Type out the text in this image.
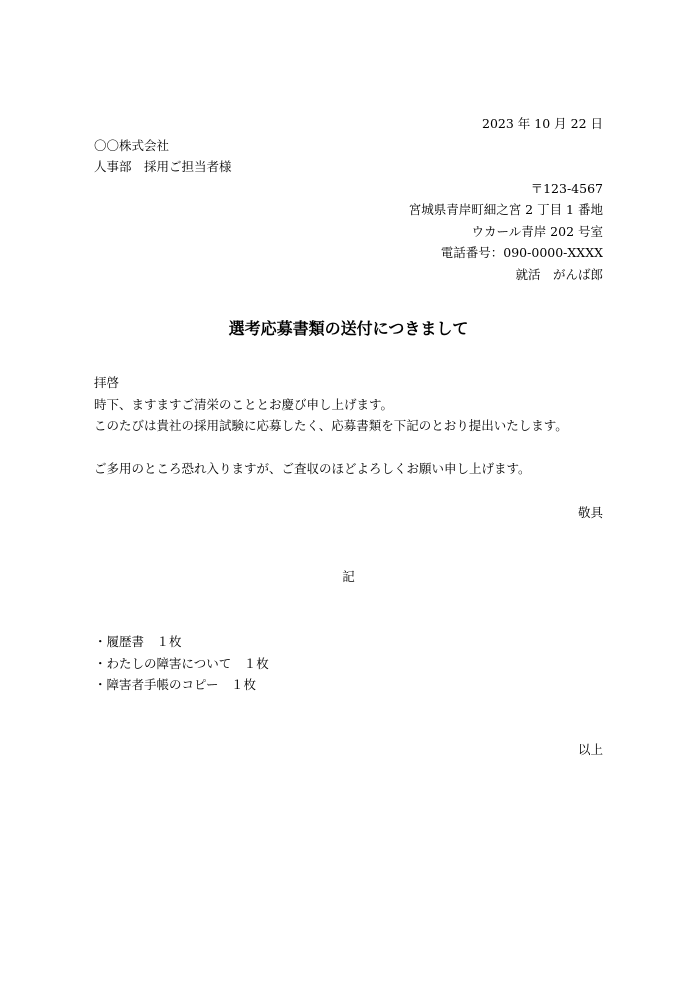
2023 年 10 月 22 日
〇〇株式会社
人事部　採用ご担当者様
〒123-4567
宮城県青岸町細之宮 2 丁目 1 番地
ウカール青岸 202 号室
電話番号：090-0000-XXXX
就活　がんば郎
選考応募書類の送付につきまして
拝啓
時下、ますますご清栄のこととお慶び申し上げます。
このたびは貴社の採用試験に応募したく、応募書類を下記のとおり提出いたします。
ご多用のところ恐れ入りますが、ご査収のほどよろしくお願い申し上げます。
敬具
記
・履歴書　１枚
・わたしの障害について　１枚
・障害者手帳のコピー　１枚
以上
